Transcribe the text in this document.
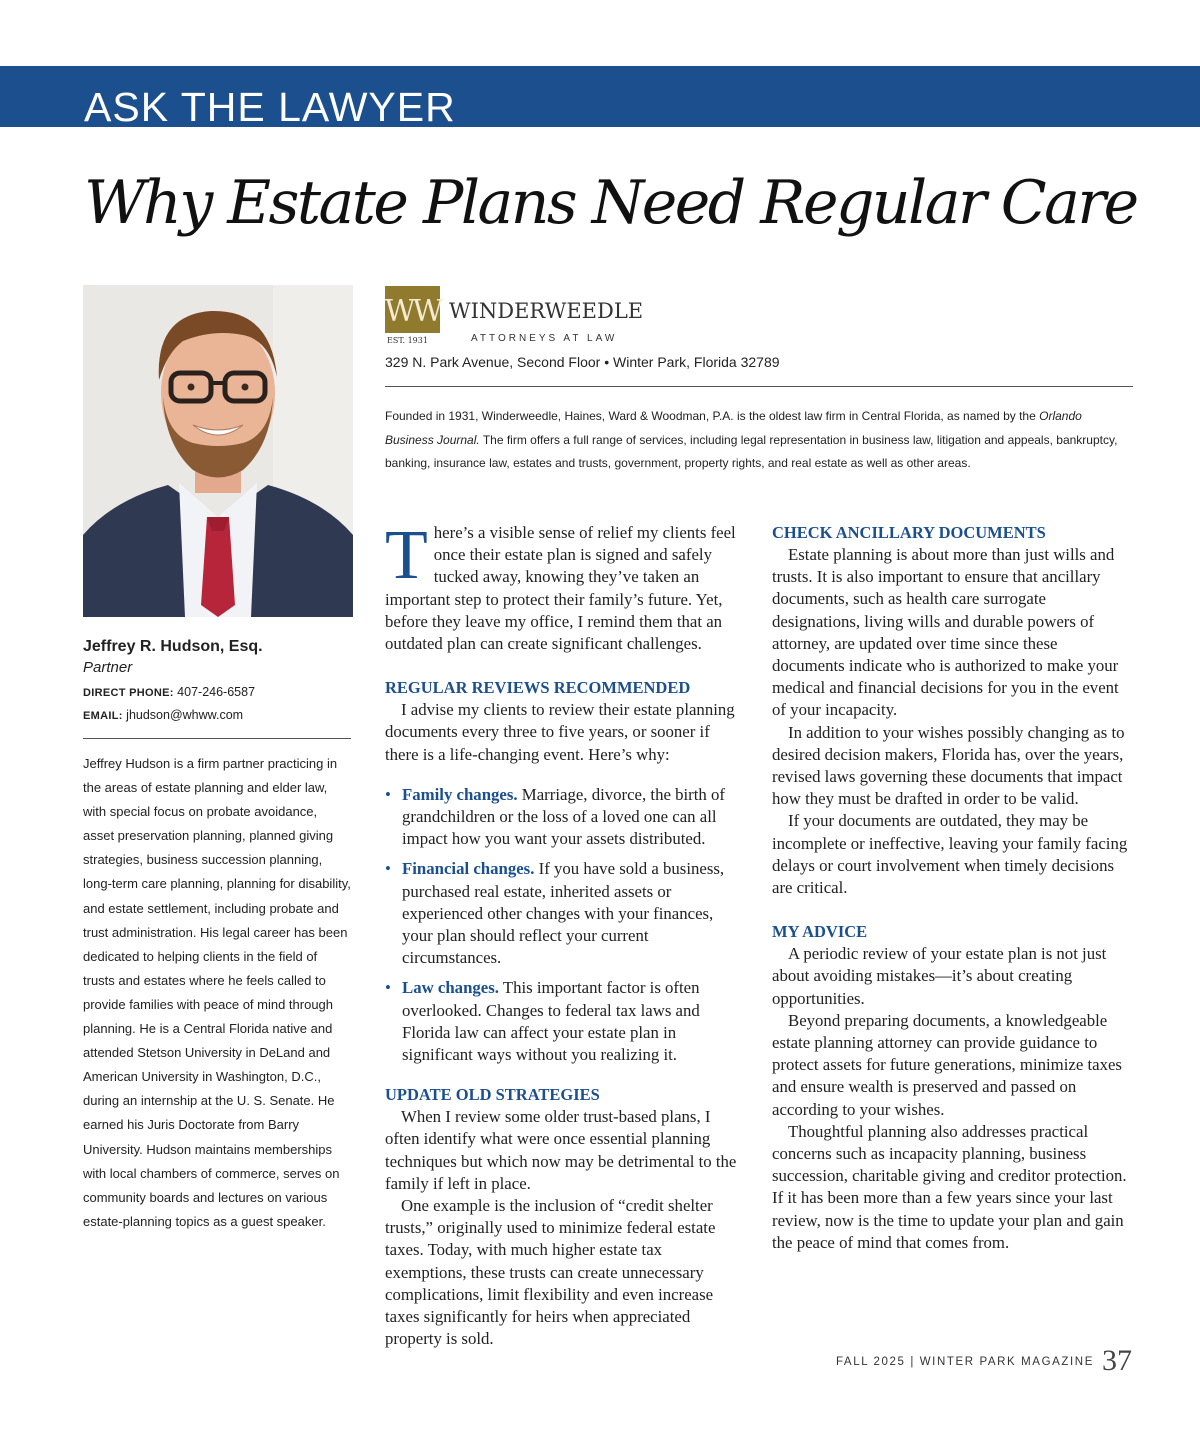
ASK THE LAWYER
Why Estate Plans Need Regular Care
WW
EST. 1931
WINDERWEEDLE
ATTORNEYS AT LAW
329 N. Park Avenue, Second Floor • Winter Park, Florida 32789

Founded in 1931, Winderweedle, Haines, Ward & Woodman, P.A. is the oldest law firm in Central Florida, as named by the Orlando Business Journal. The firm offers a full range of services, including legal representation in business law, litigation and appeals, bankruptcy, banking, insurance law, estates and trusts, government, property rights, and real estate as well as other areas.

Jeffrey R. Hudson, Esq.
Partner
DIRECT PHONE: 407-246-6587
EMAIL: jhudson@whww.com

Jeffrey Hudson is a firm partner practicing in the areas of estate planning and elder law, with special focus on probate avoidance, asset preservation planning, planned giving strategies, business succession planning, long-term care planning, planning for disability, and estate settlement, including probate and trust administration. His legal career has been dedicated to helping clients in the field of trusts and estates where he feels called to provide families with peace of mind through planning. He is a Central Florida native and attended Stetson University in DeLand and American University in Washington, D.C., during an internship at the U. S. Senate. He earned his Juris Doctorate from Barry University. Hudson maintains memberships with local chambers of commerce, serves on community boards and lectures on various estate-planning topics as a guest speaker.

There’s a visible sense of relief my clients feel once their estate plan is signed and safely tucked away, knowing they’ve taken an important step to protect their family’s future. Yet, before they leave my office, I remind them that an outdated plan can create significant challenges.

REGULAR REVIEWS RECOMMENDED

I advise my clients to review their estate planning documents every three to five years, or sooner if there is a life-changing event. Here’s why:

• Family changes. Marriage, divorce, the birth of grandchildren or the loss of a loved one can all impact how you want your assets distributed.
• Financial changes. If you have sold a business, purchased real estate, inherited assets or experienced other changes with your finances, your plan should reflect your current circumstances.
• Law changes. This important factor is often overlooked. Changes to federal tax laws and Florida law can affect your estate plan in significant ways without you realizing it.
UPDATE OLD STRATEGIES

When I review some older trust-based plans, I often identify what were once essential planning techniques but which now may be detrimental to the family if left in place.

One example is the inclusion of “credit shelter trusts,” originally used to minimize federal estate taxes. Today, with much higher estate tax exemptions, these trusts can create unnecessary complications, limit flexibility and even increase taxes significantly for heirs when appreciated property is sold.

CHECK ANCILLARY DOCUMENTS

Estate planning is about more than just wills and trusts. It is also important to ensure that ancillary documents, such as health care surrogate designations, living wills and durable powers of attorney, are updated over time since these documents indicate who is authorized to make your medical and financial decisions for you in the event of your incapacity.

In addition to your wishes possibly changing as to desired decision makers, Florida has, over the years, revised laws governing these documents that impact how they must be drafted in order to be valid.

If your documents are outdated, they may be incomplete or ineffective, leaving your family facing delays or court involvement when timely decisions are critical.

MY ADVICE

A periodic review of your estate plan is not just about avoiding mistakes—it’s about creating opportunities.

Beyond preparing documents, a knowledgeable estate planning attorney can provide guidance to protect assets for future generations, minimize taxes and ensure wealth is preserved and passed on according to your wishes.

Thoughtful planning also addresses practical concerns such as incapacity planning, business succession, charitable giving and creditor protection. If it has been more than a few years since your last review, now is the time to update your plan and gain the peace of mind that comes from.

FALL 2025 | WINTER PARK MAGAZINE 37
